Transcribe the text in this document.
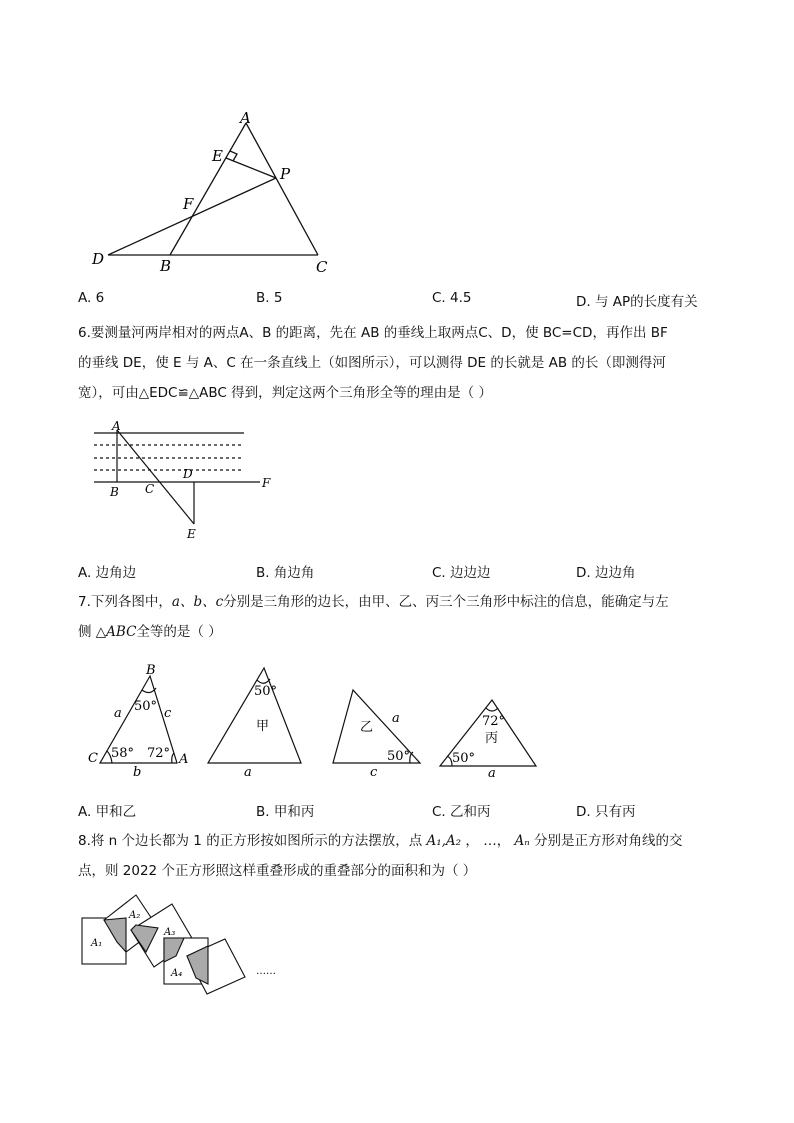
A
E
P
F
D	B	C
A. 6	B. 5	C. 4.5	D. 与 AP的长度有关
6.要测量河两岸相对的两点A、B 的距离，先在 AB 的垂线上取两点C、D，使 BC=CD，再作出 BF
的垂线 DE，使 E 与 A、C 在一条直线上（如图所示），可以测得 DE 的长就是 AB 的长（即测得河
宽），可由△EDC≌△ABC 得到，判定这两个三角形全等的理由是（ ）
A
B C
D
E
F
A. 边角边	B. 角边角	C. 边边边	D. 边边角
7.下列各图中，a、b、c分别是三角形的边长，由甲、乙、丙三个三角形中标注的信息，能确定与左
侧 △ABC全等的是（ ）
B
C	A
a	c
b
50°
58° 72°
50°
甲
a
乙
a
50°
c
72°
丙
50°
a
A. 甲和乙	B. 甲和丙	C. 乙和丙	D. 只有丙
8.将 n 个边长都为 1 的正方形按如图所示的方法摆放，点 A₁,A₂ ， …， Aₙ 分别是正方形对角线的交
点，则 2022 个正方形照这样重叠形成的重叠部分的面积和为（ ）
A₁
A₂
A₃
A₄	……
